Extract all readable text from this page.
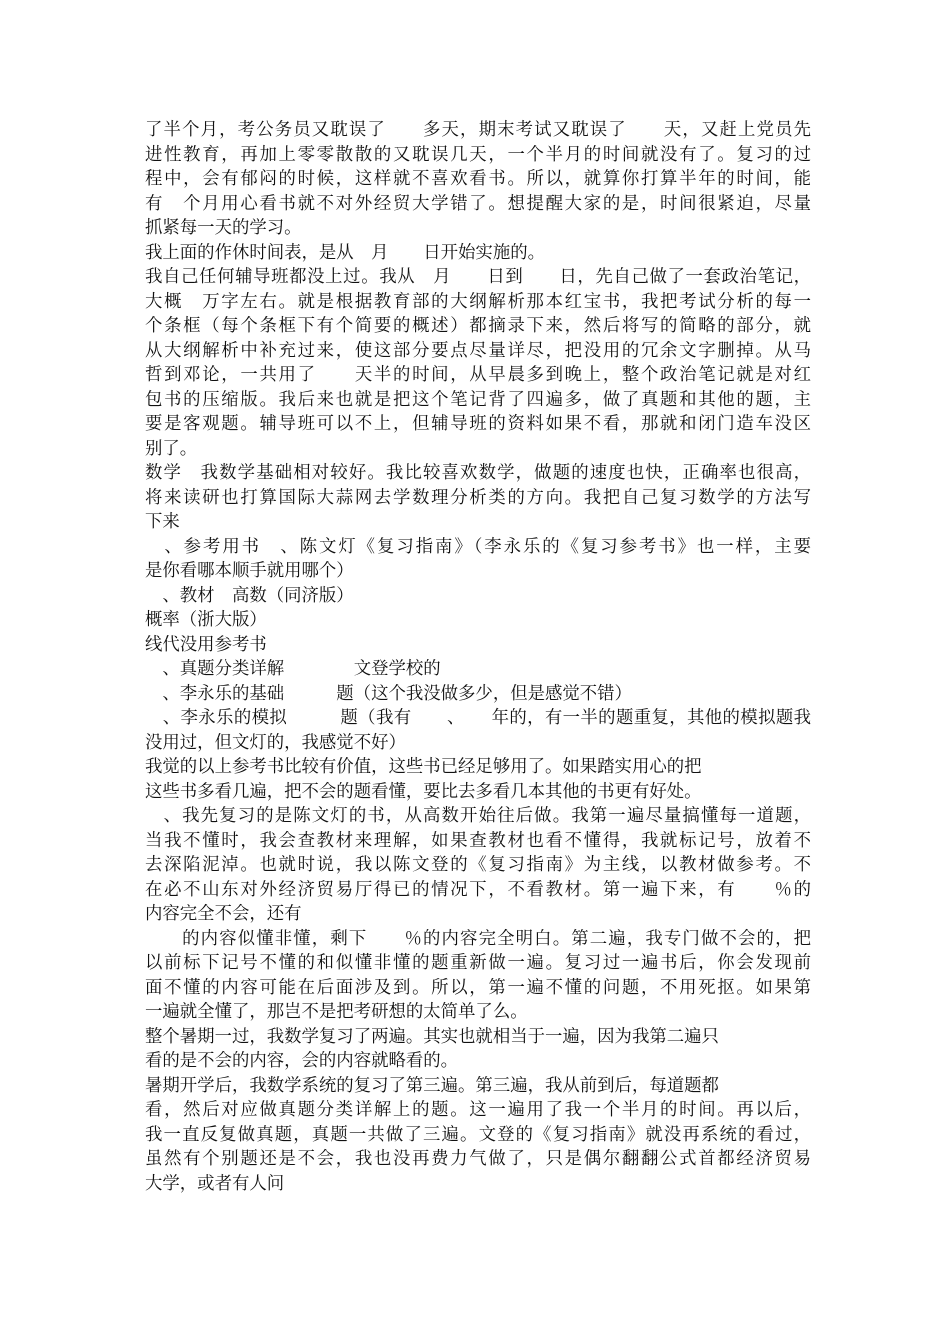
了半个月，考公务员又耽误了　　多天，期末考试又耽误了　　天，又赶上党员先
进性教育，再加上零零散散的又耽误几天，一个半月的时间就没有了。复习的过
程中，会有郁闷的时候，这样就不喜欢看书。所以，就算你打算半年的时间，能
有　个月用心看书就不对外经贸大学错了。想提醒大家的是，时间很紧迫，尽量
抓紧每一天的学习。
我上面的作休时间表，是从　月　　日开始实施的。
我自己任何辅导班都没上过。我从　月　　日到　　日，先自己做了一套政治笔记，
大概　万字左右。就是根据教育部的大纲解析那本红宝书，我把考试分析的每一
个条框（每个条框下有个简要的概述）都摘录下来，然后将写的简略的部分，就
从大纲解析中补充过来，使这部分要点尽量详尽，把没用的冗余文字删掉。从马
哲到邓论，一共用了　　天半的时间，从早晨多到晚上，整个政治笔记就是对红
包书的压缩版。我后来也就是把这个笔记背了四遍多，做了真题和其他的题，主
要是客观题。辅导班可以不上，但辅导班的资料如果不看，那就和闭门造车没区
别了。
数学　我数学基础相对较好。我比较喜欢数学，做题的速度也快，正确率也很高，
将来读研也打算国际大蒜网去学数理分析类的方向。我把自己复习数学的方法写
下来
　、参考用书　、陈文灯《复习指南》（李永乐的《复习参考书》也一样，主要
是你看哪本顺手就用哪个）
　、教材　高数（同济版）
概率（浙大版）
线代没用参考书
　、真题分类详解　　　　文登学校的
　、李永乐的基础　　　题（这个我没做多少，但是感觉不错）
　、李永乐的模拟　　　题（我有　　、　　年的，有一半的题重复，其他的模拟题我
没用过，但文灯的，我感觉不好）
我觉的以上参考书比较有价值，这些书已经足够用了。如果踏实用心的把
这些书多看几遍，把不会的题看懂，要比去多看几本其他的书更有好处。
　、我先复习的是陈文灯的书，从高数开始往后做。我第一遍尽量搞懂每一道题，
当我不懂时，我会查教材来理解，如果查教材也看不懂得，我就标记号，放着不
去深陷泥淖。也就时说，我以陈文登的《复习指南》为主线，以教材做参考。不
在必不山东对外经济贸易厅得已的情况下，不看教材。第一遍下来，有　　％的
内容完全不会，还有
　　的内容似懂非懂，剩下　　％的内容完全明白。第二遍，我专门做不会的，把
以前标下记号不懂的和似懂非懂的题重新做一遍。复习过一遍书后，你会发现前
面不懂的内容可能在后面涉及到。所以，第一遍不懂的问题，不用死抠。如果第
一遍就全懂了，那岂不是把考研想的太简单了么。
整个暑期一过，我数学复习了两遍。其实也就相当于一遍，因为我第二遍只
看的是不会的内容，会的内容就略看的。
暑期开学后，我数学系统的复习了第三遍。第三遍，我从前到后，每道题都
看，然后对应做真题分类详解上的题。这一遍用了我一个半月的时间。再以后，
我一直反复做真题，真题一共做了三遍。文登的《复习指南》就没再系统的看过，
虽然有个别题还是不会，我也没再费力气做了，只是偶尔翻翻公式首都经济贸易
大学，或者有人问
